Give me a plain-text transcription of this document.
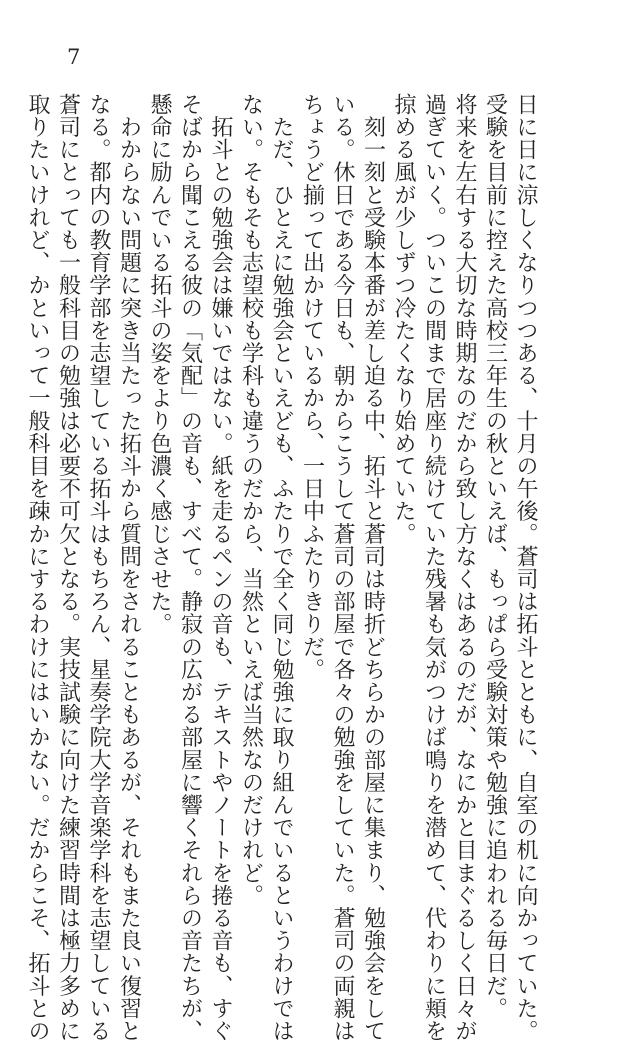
7

日に日に涼しくなりつつある、十月の午後。蒼司は拓斗とともに、自室の机に向かっていた。

受験を目前に控えた高校三年生の秋といえば、もっぱら受験対策や勉強に追われる毎日だ。

将来を左右する大切な時期なのだから致し方なくはあるのだが、なにかと目まぐるしく日々が

過ぎていく。ついこの間まで居座り続けていた残暑も気がつけば鳴りを潜めて、代わりに頬を

掠める風が少しずつ冷たくなり始めていた。

　刻一刻と受験本番が差し迫る中、拓斗と蒼司は時折どちらかの部屋に集まり、勉強会をして

いる。休日である今日も、朝からこうして蒼司の部屋で各々の勉強をしていた。蒼司の両親は

ちょうど揃って出かけているから、一日中ふたりきりだ。

　ただ、ひとえに勉強会といえども、ふたりで全く同じ勉強に取り組んでいるというわけでは

ない。そもそも志望校も学科も違うのだから、当然といえば当然なのだけれど。

　拓斗との勉強会は嫌いではない。紙を走るペンの音も、テキストやノートを捲る音も、すぐ

そばから聞こえる彼の「気配」の音も、すべて。静寂の広がる部屋に響くそれらの音たちが、

懸命に励んでいる拓斗の姿をより色濃く感じさせた。

　わからない問題に突き当たった拓斗から質問をされることもあるが、それもまた良い復習と

なる。都内の教育学部を志望している拓斗はもちろん、星奏学院大学音楽学科を志望している

蒼司にとっても一般科目の勉強は必要不可欠となる。実技試験に向けた練習時間は極力多めに

取りたいけれど、かといって一般科目を疎かにするわけにはいかない。だからこそ、拓斗との
